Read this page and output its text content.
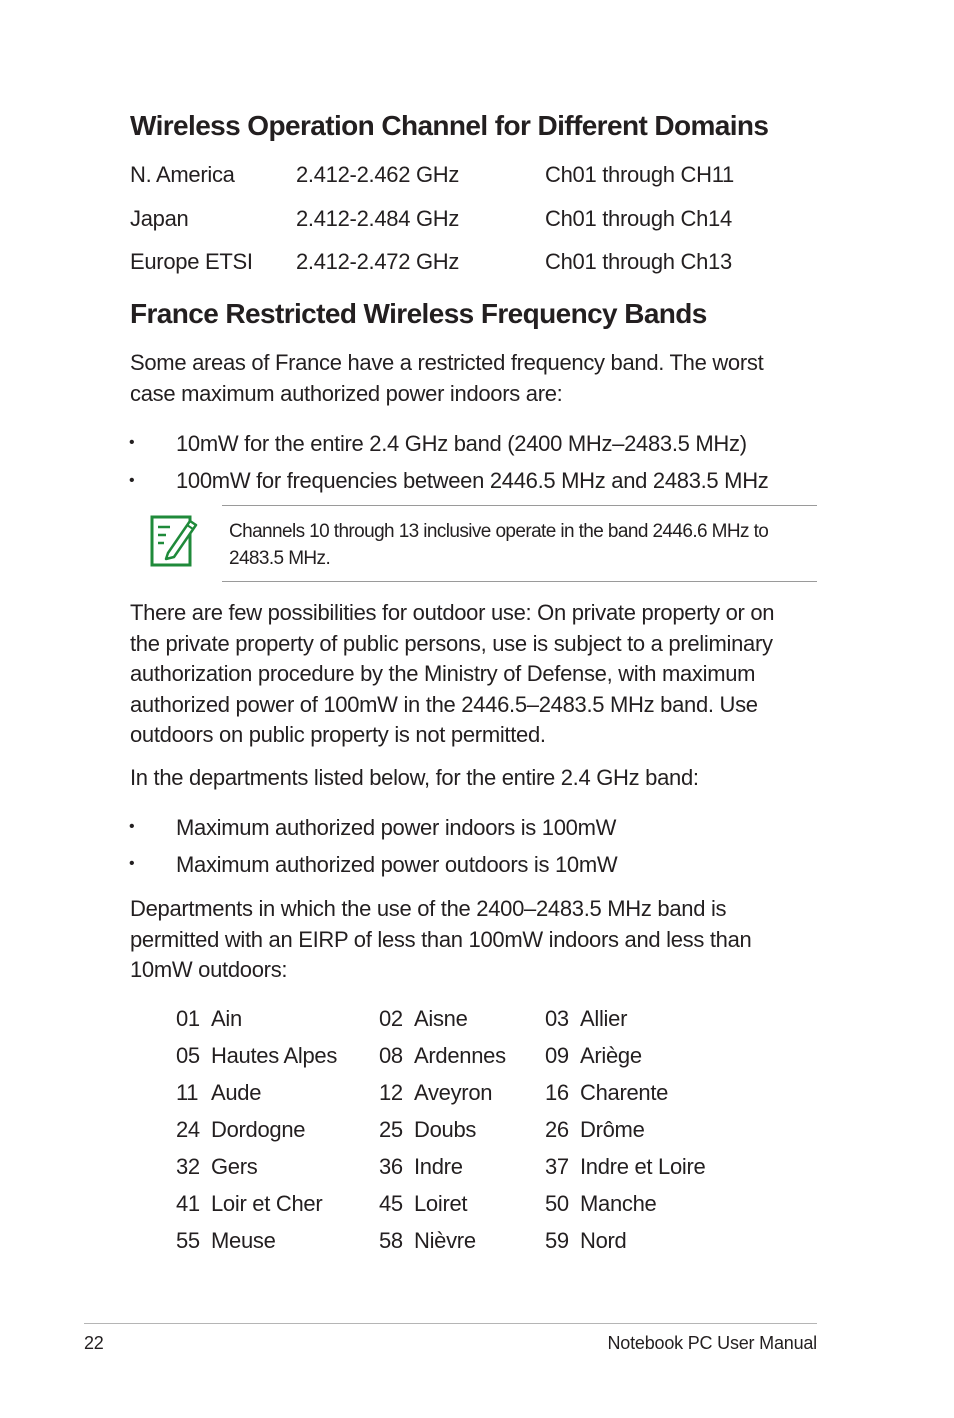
Wireless Operation Channel for Different Domains
N. America	2.412-2.462 GHz	Ch01 through CH11
Japan	2.412-2.484 GHz	Ch01 through Ch14
Europe ETSI 2.412-2.472 GHz	Ch01 through Ch13
France Restricted Wireless Frequency Bands

Some areas of France have a restricted frequency band. The worst

case maximum authorized power indoors are:

• 10mW for the entire 2.4 GHz band (2400 MHz–2483.5 MHz)
• 100mW for frequencies between 2446.5 MHz and 2483.5 MHz
Channels 10 through 13 inclusive operate in the band 2446.6 MHz to
2483.5 MHz.

There are few possibilities for outdoor use: On private property or on

the private property of public persons, use is subject to a preliminary

authorization procedure by the Ministry of Defense, with maximum

authorized power of 100mW in the 2446.5–2483.5 MHz band. Use

outdoors on public property is not permitted.

In the departments listed below, for the entire 2.4 GHz band:

• Maximum authorized power indoors is 100mW
• Maximum authorized power outdoors is 10mW

Departments in which the use of the 2400–2483.5 MHz band is

permitted with an EIRP of less than 100mW indoors and less than

10mW outdoors:

01 Ain	02 Aisne	03 Allier
05 Hautes Alpes 08 Ardennes 09 Ariège
11 Aude	12 Aveyron 16 Charente
24 Dordogne	25 Doubs	26 Drôme
32 Gers	36 Indre	37 Indre et Loire
41 Loir et Cher	45 Loiret	50 Manche
55 Meuse	58 Nièvre	59 Nord
22	Notebook PC User Manual
